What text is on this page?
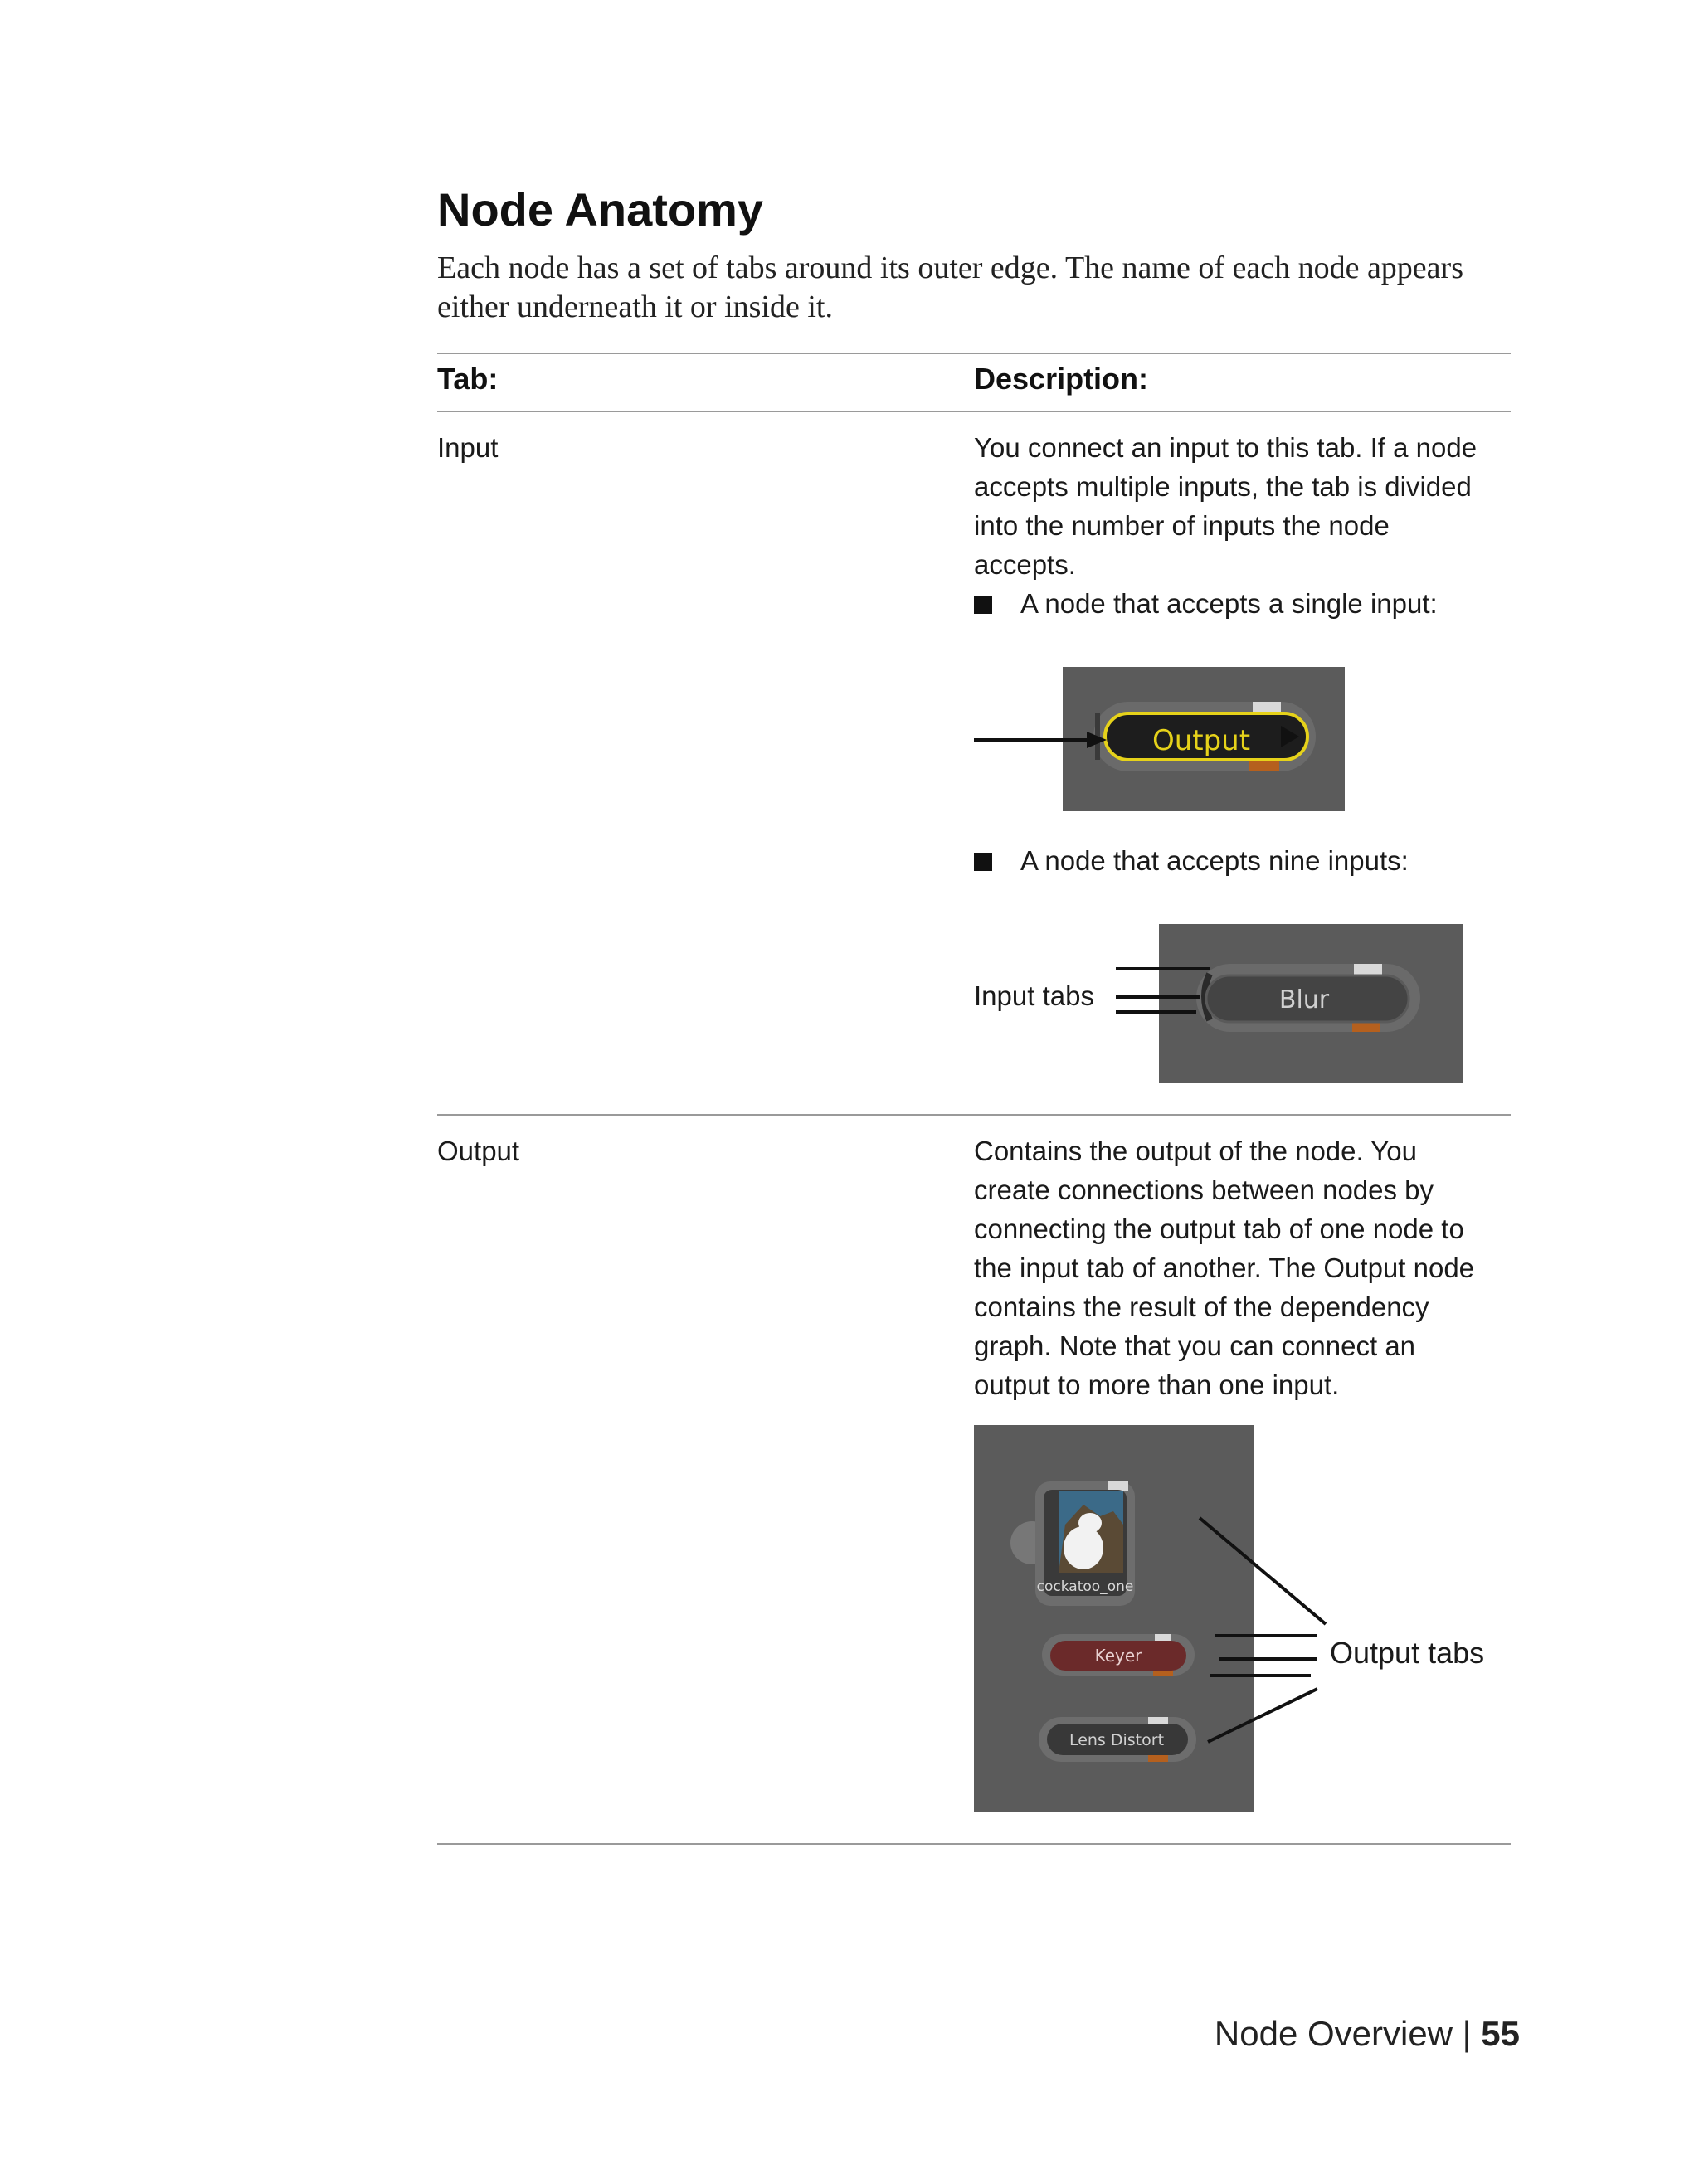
Node Anatomy

Each node has a set of tabs around its outer edge. The name of each node appears either underneath it or inside it.

Tab:	Description:
Input	You connect an input to this tab. If a node accepts multiple inputs, the tab is divided into the number of inputs the node accepts.
A node that accepts a single input:
Output
A node that accepts nine inputs:
Input tabs	Blur
Output	Contains the output of the node. You create connections between nodes by connecting the output tab of one node to the input tab of another. The Output node contains the result of the dependency graph. Note that you can connect an output to more than one input.
cockatoo_one
Keyer
Lens Distort
Output tabs
Node Overview | 55
